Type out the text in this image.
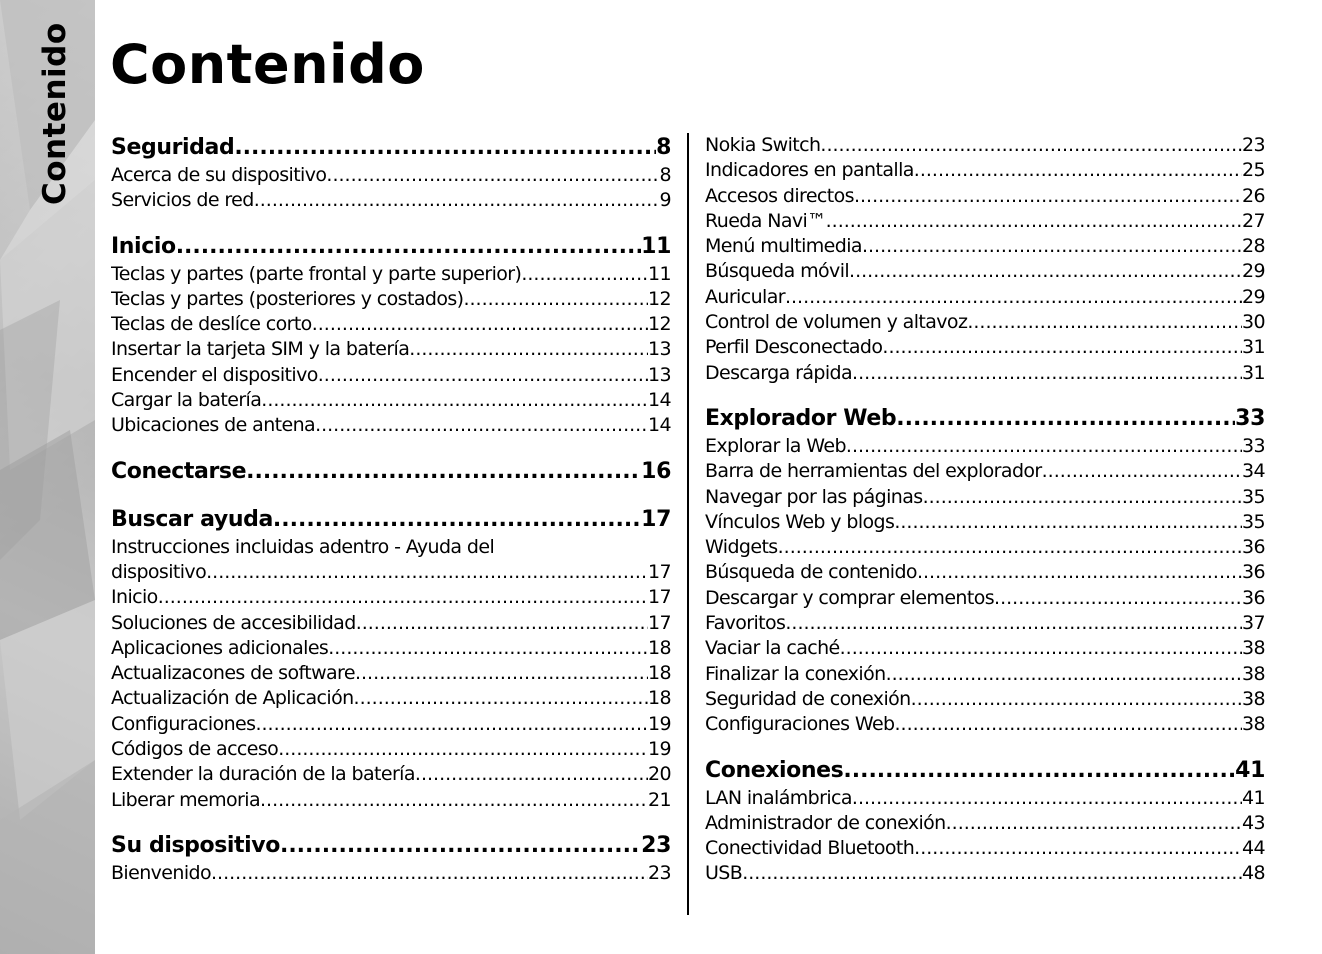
Contenido Contenido
Seguridad .....	8
Acerca de su dispositivo .....	8
Servicios de red .....	9
Inicio .....	11
Teclas y partes (parte frontal y parte superior) .....	11
Teclas y partes (posteriores y costados) .....	12
Teclas de deslíce corto .....	12
Insertar la tarjeta SIM y la batería .....	13
Encender el dispositivo .....	13
Cargar la batería .....	14
Ubicaciones de antena .....	14
Conectarse .....	16
Buscar ayuda .....	17
Instrucciones incluidas adentro - Ayuda del
dispositivo .....	17
Inicio .....	17
Soluciones de accesibilidad .....	17
Aplicaciones adicionales .....	18
Actualizacones de software .....	18
Actualización de Aplicación .....	18
Configuraciones .....	19
Códigos de acceso .....	19
Extender la duración de la batería .....	20
Liberar memoria .....	21
Su dispositivo .....	23
Bienvenido .....	23
Nokia Switch .....	23
Indicadores en pantalla .....	25
Accesos directos .....	26
Rueda Navi™ .....	27
Menú multimedia .....	28
Búsqueda móvil .....	29
Auricular .....	29
Control de volumen y altavoz .....	30
Perfil Desconectado .....	31
Descarga rápida .....	31
Explorador Web .....	33
Explorar la Web .....	33
Barra de herramientas del explorador .....	34
Navegar por las páginas .....	35
Vínculos Web y blogs .....	35
Widgets .....	36
Búsqueda de contenido .....	36
Descargar y comprar elementos .....	36
Favoritos .....	37
Vaciar la caché .....	38
Finalizar la conexión .....	38
Seguridad de conexión .....	38
Configuraciones Web .....	38
Conexiones .....	41
LAN inalámbrica .....	41
Administrador de conexión .....	43
Conectividad Bluetooth .....	44
USB .....	48
